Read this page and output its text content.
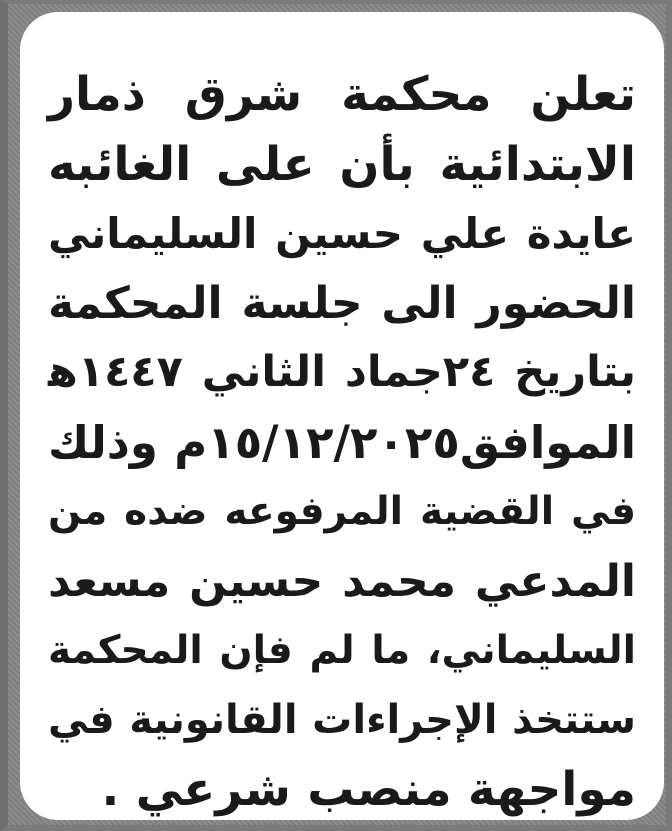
تعلن محكمة شرق ذمار
الابتدائية بأن على الغائبه
عايدة علي حسين السليماني
الحضور الى جلسة المحكمة
بتاريخ ٢٤جماد الثاني ١٤٤٧ﻫ
الموافق١٥/١٢/٢٠٢٥م وذلك
في القضية المرفوعه ضده من
المدعي محمد حسين مسعد
السليماني، ما لم فإن المحكمة
ستتخذ الإجراءات القانونية في
مواجهة منصب شرعي .
